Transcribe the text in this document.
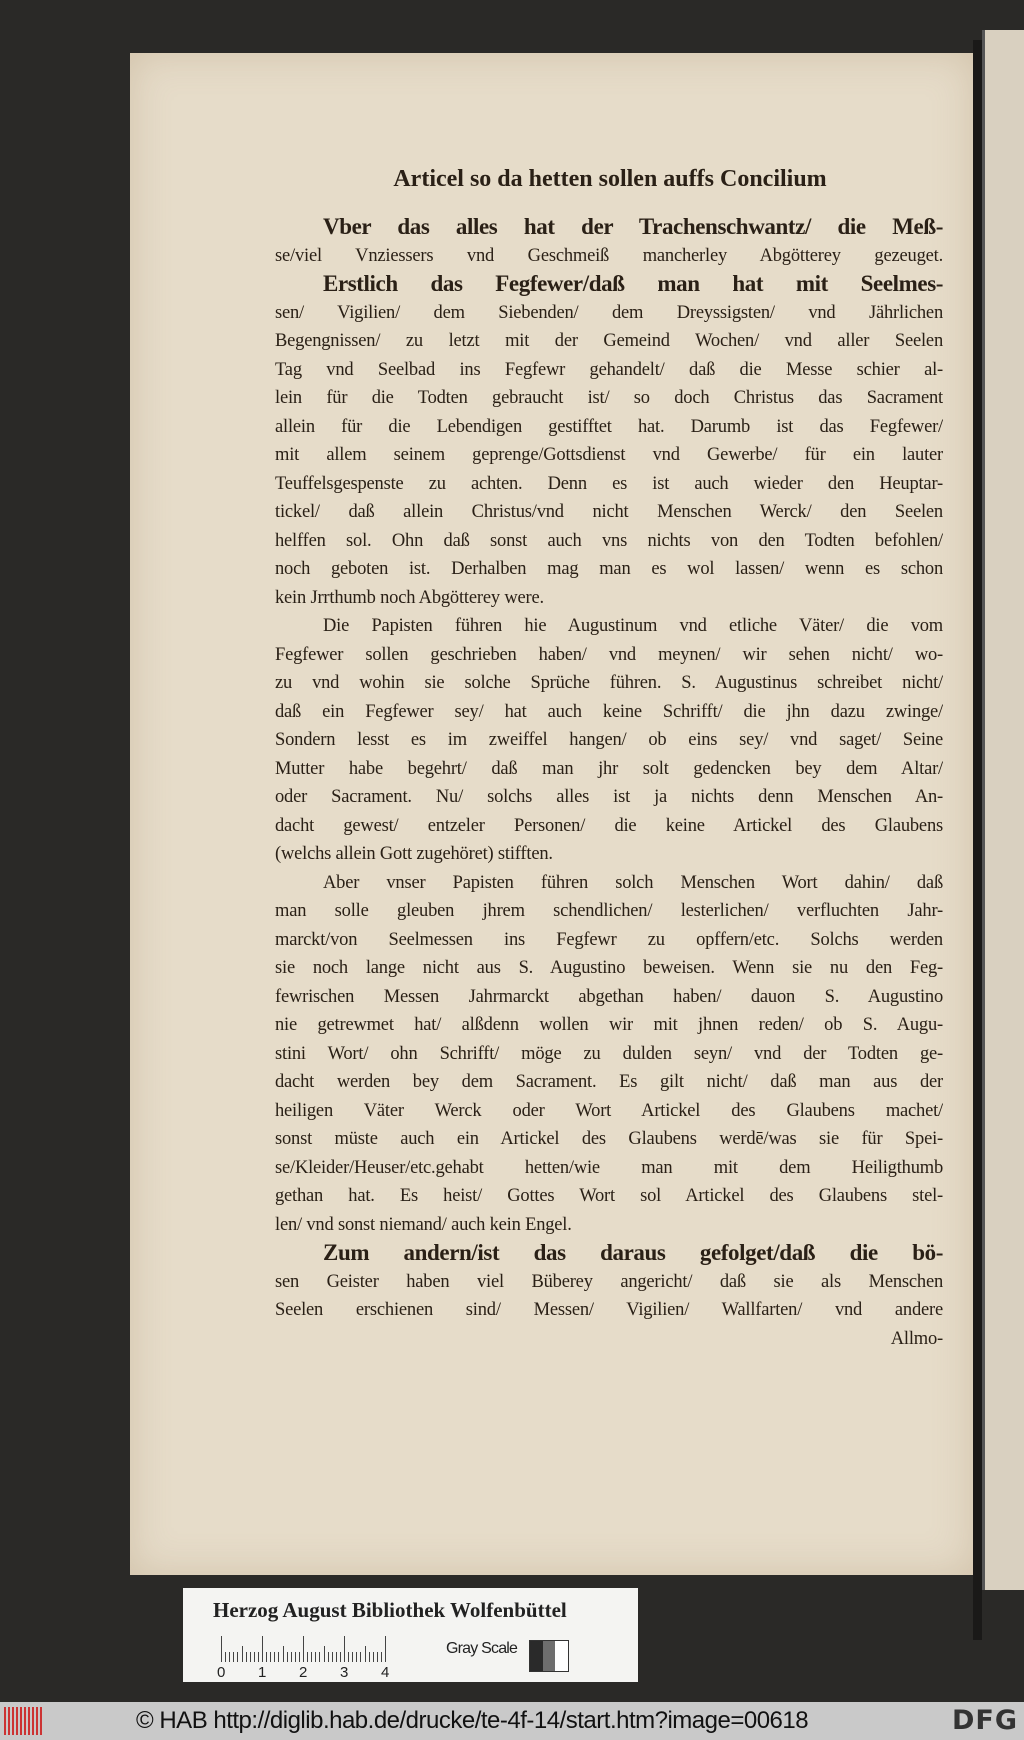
Articel so da hetten sollen auffs Concilium
Vber das alles hat der Trachenschwantz/ die Meß-
se/viel Vnziessers vnd Geschmeiß mancherley Abgötterey gezeuget.
Erstlich das Fegfewer/daß man hat mit Seelmes-
sen/ Vigilien/ dem Siebenden/ dem Dreyssigsten/ vnd Jährlichen
Begengnissen/ zu letzt mit der Gemeind Wochen/ vnd aller Seelen
Tag vnd Seelbad ins Fegfewr gehandelt/ daß die Messe schier al-
lein für die Todten gebraucht ist/ so doch Christus das Sacrament
allein für die Lebendigen gestifftet hat. Darumb ist das Fegfewer/
mit allem seinem geprenge/Gottsdienst vnd Gewerbe/ für ein lauter
Teuffelsgespenste zu achten. Denn es ist auch wieder den Heuptar-
tickel/ daß allein Christus/vnd nicht Menschen Werck/ den Seelen
helffen sol. Ohn daß sonst auch vns nichts von den Todten befohlen/
noch geboten ist. Derhalben mag man es wol lassen/ wenn es schon
kein Jrrthumb noch Abgötterey were.
Die Papisten führen hie Augustinum vnd etliche Väter/ die vom
Fegfewer sollen geschrieben haben/ vnd meynen/ wir sehen nicht/ wo-
zu vnd wohin sie solche Sprüche führen. S. Augustinus schreibet nicht/
daß ein Fegfewer sey/ hat auch keine Schrifft/ die jhn dazu zwinge/
Sondern lesst es im zweiffel hangen/ ob eins sey/ vnd saget/ Seine
Mutter habe begehrt/ daß man jhr solt gedencken bey dem Altar/
oder Sacrament. Nu/ solchs alles ist ja nichts denn Menschen An-
dacht gewest/ entzeler Personen/ die keine Artickel des Glaubens
(welchs allein Gott zugehöret) stifften.
Aber vnser Papisten führen solch Menschen Wort dahin/ daß
man solle gleuben jhrem schendlichen/ lesterlichen/ verfluchten Jahr-
marckt/von Seelmessen ins Fegfewr zu opffern/etc. Solchs werden
sie noch lange nicht aus S. Augustino beweisen. Wenn sie nu den Feg-
fewrischen Messen Jahrmarckt abgethan haben/ dauon S. Augustino
nie getrewmet hat/ alßdenn wollen wir mit jhnen reden/ ob S. Augu-
stini Wort/ ohn Schrifft/ möge zu dulden seyn/ vnd der Todten ge-
dacht werden bey dem Sacrament. Es gilt nicht/ daß man aus der
heiligen Väter Werck oder Wort Artickel des Glaubens machet/
sonst müste auch ein Artickel des Glaubens werdē/was sie für Spei-
se/Kleider/Heuser/etc.gehabt hetten/wie man mit dem Heiligthumb
gethan hat. Es heist/ Gottes Wort sol Artickel des Glaubens stel-
len/ vnd sonst niemand/ auch kein Engel.
Zum andern/ist das daraus gefolget/daß die bö-
sen Geister haben viel Büberey angericht/ daß sie als Menschen
Seelen erschienen sind/ Messen/ Vigilien/ Wallfarten/ vnd andere
Allmo-
Herzog August Bibliothek Wolfenbüttel
Gray Scale
0 1 2 3 4
© HAB http://diglib.hab.de/drucke/te-4f-14/start.htm?image=00618	DFG
